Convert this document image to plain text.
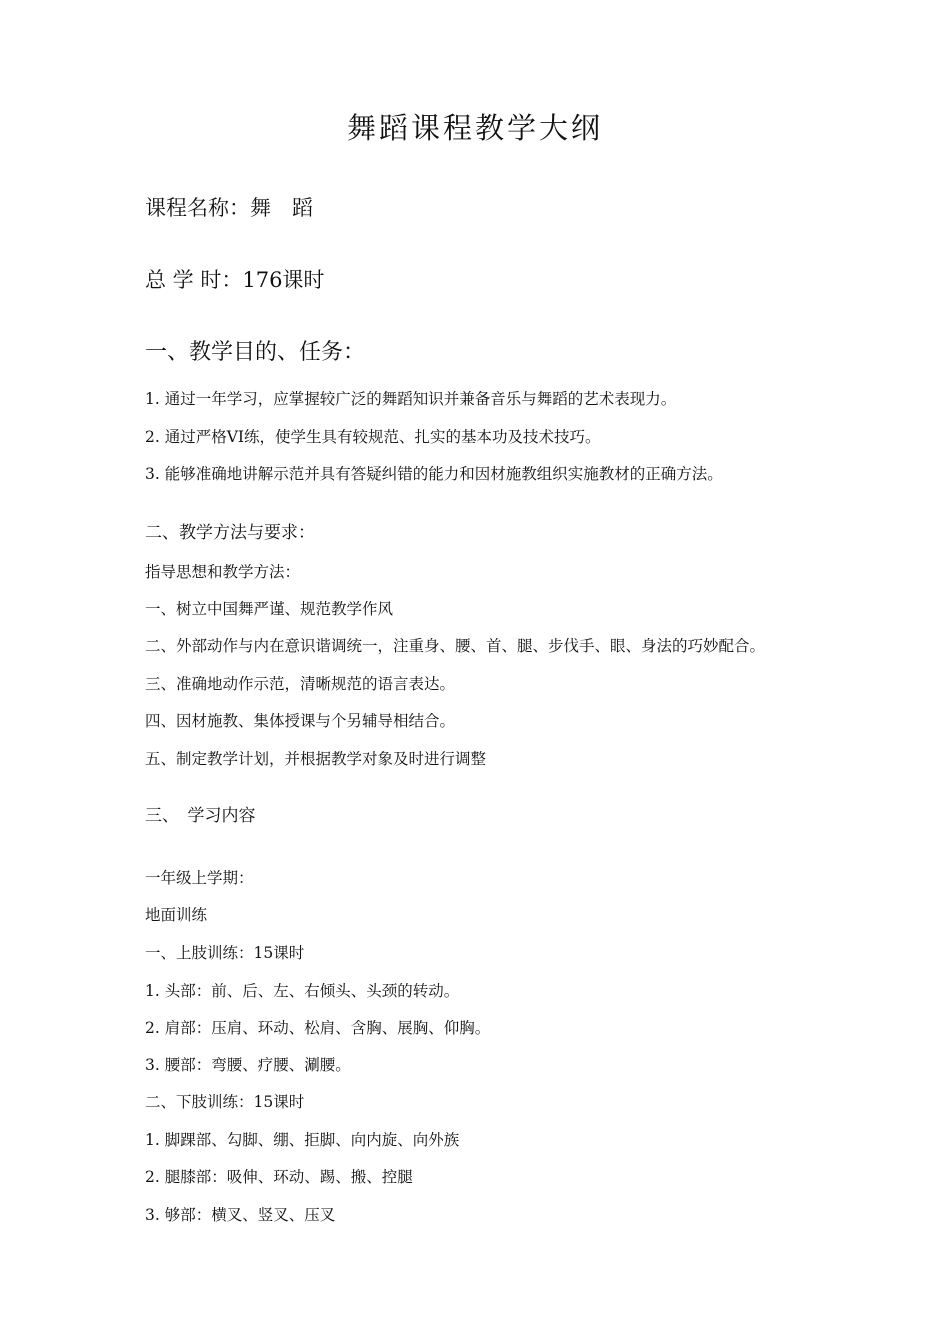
舞蹈课程教学大纲
课程名称：舞　蹈
总 学 时：176课时
一、教学目的、任务：
1. 通过一年学习，应掌握较广泛的舞蹈知识并兼备音乐与舞蹈的艺术表现力。
2. 通过严格VI练，使学生具有较规范、扎实的基本功及技术技巧。
3. 能够准确地讲解示范并具有答疑纠错的能力和因材施教组织实施教材的正确方法。
二、教学方法与要求：
指导思想和教学方法：
一、树立中国舞严谨、规范教学作风
二、外部动作与内在意识谐调统一，注重身、腰、首、腿、步伐手、眼、身法的巧妙配合。
三、准确地动作示范，清晰规范的语言表达。
四、因材施教、集体授课与个另辅导相结合。
五、制定教学计划，并根据教学对象及时进行调整
三、　学习内容
一年级上学期：
地面训练
一、上肢训练：15课时
1. 头部：前、后、左、右倾头、头颈的转动。
2. 肩部：压肩、环动、松肩、含胸、展胸、仰胸。
3. 腰部：弯腰、疗腰、涮腰。
二、下肢训练：15课时
1. 脚踝部、勾脚、绷、拒脚、向内旋、向外族
2. 腿膝部：吸伸、环动、踢、搬、控腿
3. 够部：横叉、竖叉、压叉
